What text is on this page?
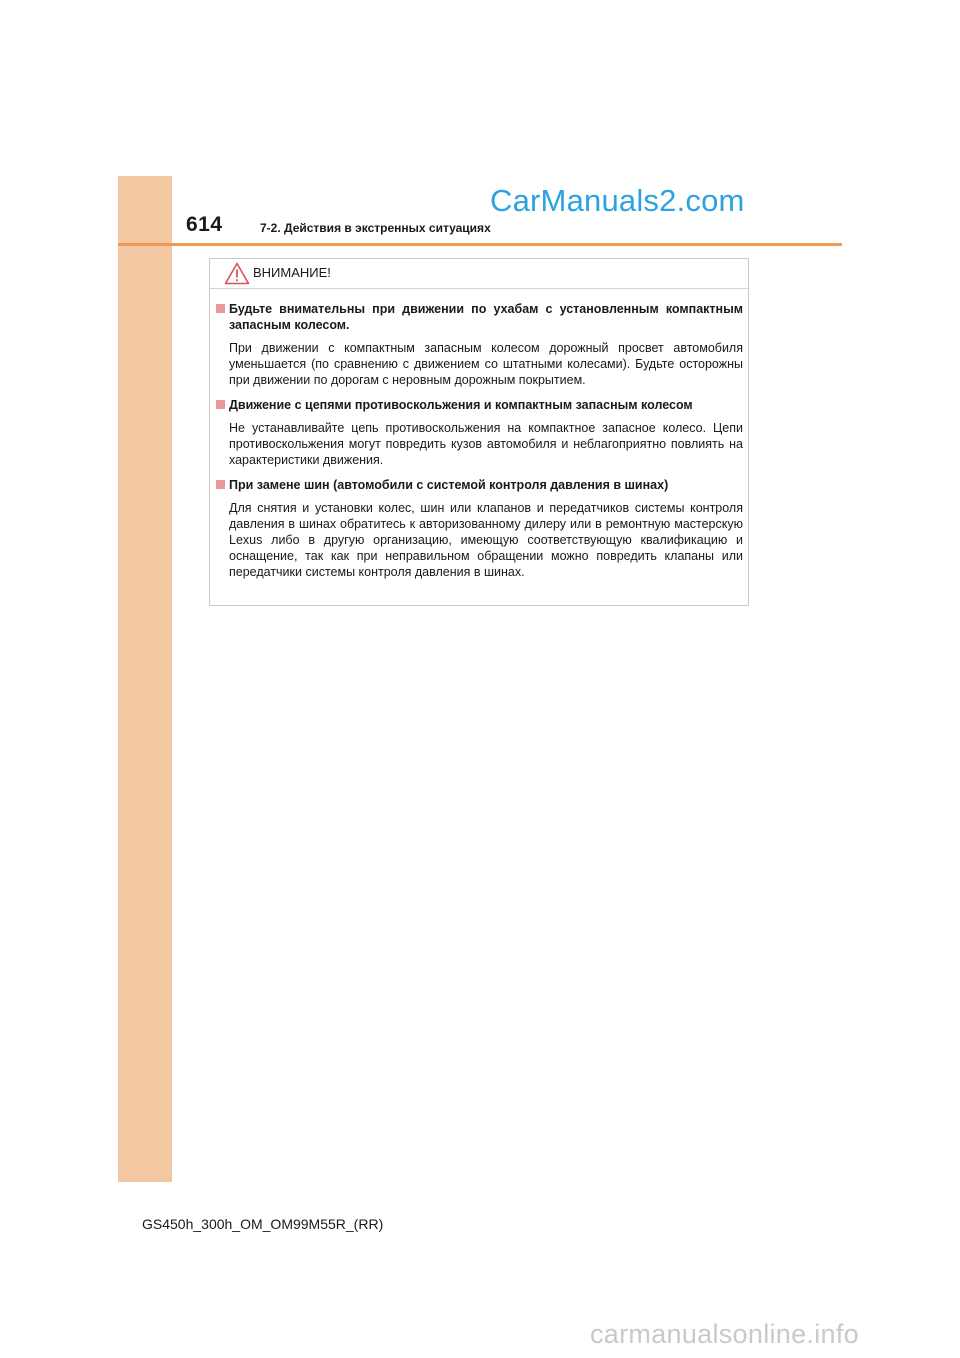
614	7-2. Действия в экстренных ситуациях
CarManuals2.com
ВНИМАНИЕ!
Будьте внимательны при движении по ухабам с установленным компактным запасным колесом.
При движении с компактным запасным колесом дорожный просвет автомобиля уменьшается (по сравнению с движением со штатными колесами). Будьте осторожны при движении по дорогам с неровным дорожным покрытием.
Движение с цепями противоскольжения и компактным запасным колесом
Не устанавливайте цепь противоскольжения на компактное запасное колесо. Цепи противоскольжения могут повредить кузов автомобиля и неблагоприятно повлиять на характеристики движения.
При замене шин (автомобили с системой контроля давления в шинах)
Для снятия и установки колес, шин или клапанов и передатчиков системы контроля давления в шинах обратитесь к авторизованному дилеру или в ремонтную мастерскую Lexus либо в другую организацию, имеющую соответствующую квалификацию и оснащение, так как при неправильном обращении можно повредить клапаны или передатчики системы контроля давления в шинах.
GS450h_300h_OM_OM99M55R_(RR)
carmanualsonline.info
